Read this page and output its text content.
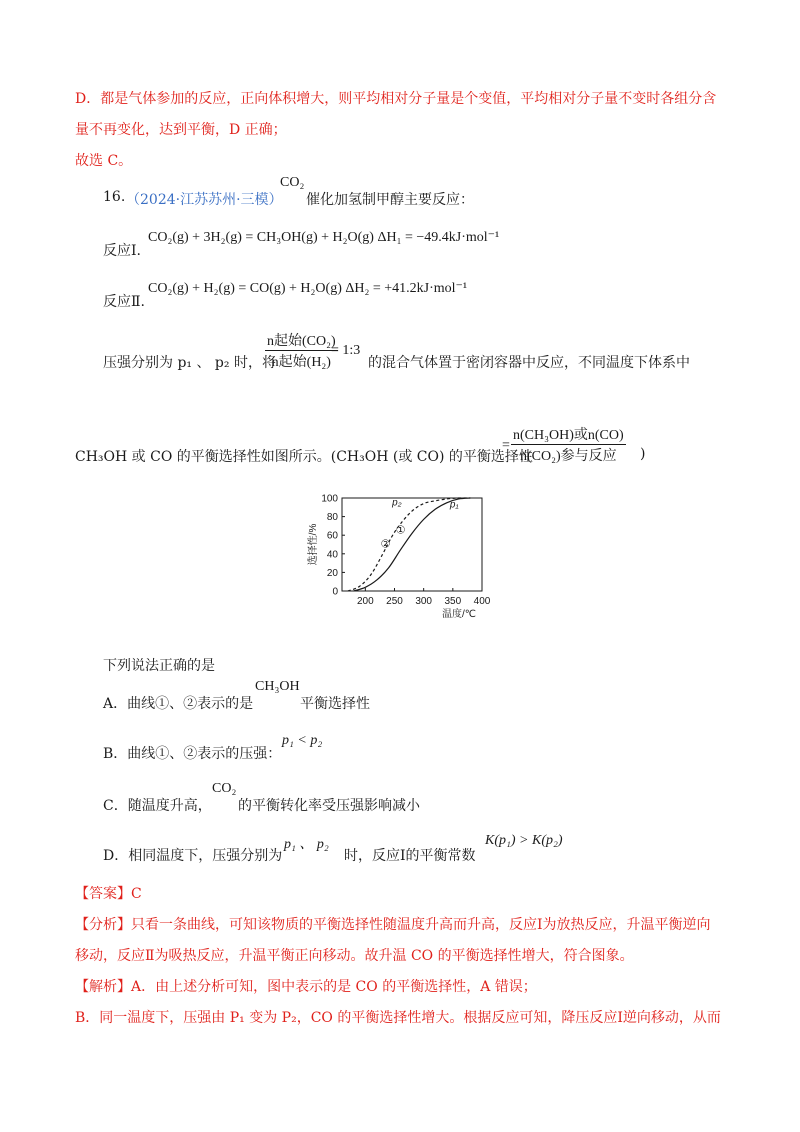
D．都是气体参加的反应，正向体积增大，则平均相对分子量是个变值，平均相对分子量不变时各组分含
量不再变化，达到平衡，D 正确；
故选 C。
16. （2024·江苏苏州·三模）
CO₂
催化加氢制甲醇主要反应：
反应Ⅰ.
CO₂(g) + 3H₂(g) = CH₃OH(g) + H₂O(g) ΔH₁ = −49.4kJ·mol⁻¹
反应Ⅱ.
CO₂(g) + H₂(g) = CO(g) + H₂O(g) ΔH₂ = +41.2kJ·mol⁻¹
压强分别为 p₁ 、 p₂ 时，将
$\frac{\text{n起始(CO₂)}}{\text{n起始(H₂)}}$
= 1:3
的混合气体置于密闭容器中反应，不同温度下体系中
CH₃OH 或 CO 的平衡选择性如图所示。(CH₃OH (或 CO) 的平衡选择性
= $\frac{\text{n(CH₃OH)或n(CO)}}{\text{n(CO₂)参与反应}}$ )
0
20
40
60
80
100
200 250 300 350 400
温度/℃
选择性/%
p₂
②
p₁
①
下列说法正确的是
A．曲线①、②表示的是
CH₃OH
平衡选择性
B．曲线①、②表示的压强：
p₁ < p₂
C．随温度升高，
CO₂
的平衡转化率受压强影响减小
D．相同温度下，压强分别为
p₁ 、 p₂
时，反应Ⅰ的平衡常数
K(p₁) > K(p₂)
【答案】C
【分析】只看一条曲线，可知该物质的平衡选择性随温度升高而升高，反应Ⅰ为放热反应，升温平衡逆向
移动，反应Ⅱ为吸热反应，升温平衡正向移动。故升温 CO 的平衡选择性增大，符合图象。
【解析】A．由上述分析可知，图中表示的是 CO 的平衡选择性，A 错误；
B．同一温度下，压强由 P₁ 变为 P₂，CO 的平衡选择性增大。根据反应可知，降压反应Ⅰ逆向移动，从而
